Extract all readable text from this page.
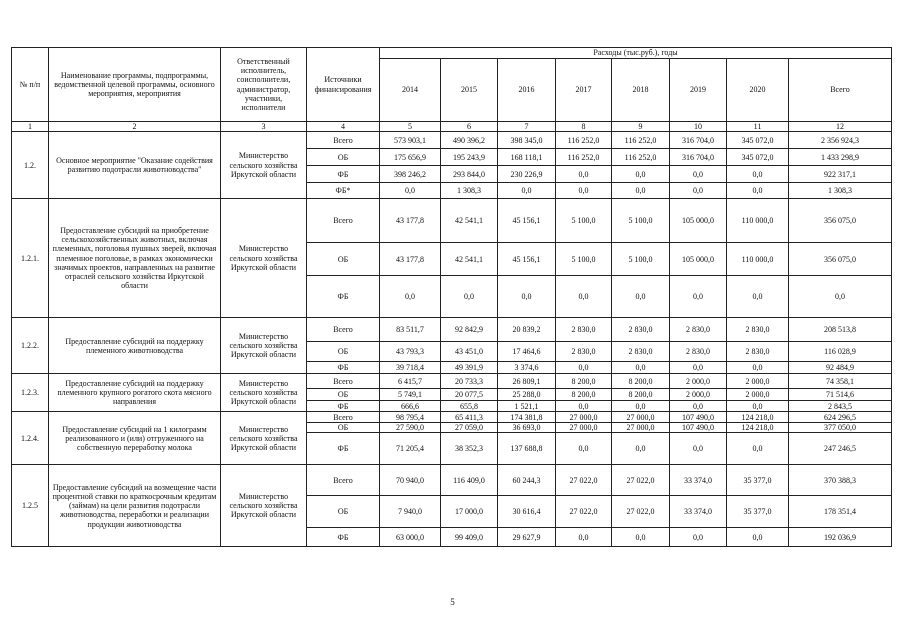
№ п/п	Наименование программы, подпрограммы, ведомственной целевой программы, основного мероприятия, мероприятия	Ответственный исполнитель, соисполнители, администратор, участники, исполнители	Источники финансирования	Расходы (тыс.руб.), годы							
				2014	2015	2016	2017	2018	2019	2020	Всего
1	2	3	4	5	6	7	8	9	10	11	12
1.2.	Основное мероприятие "Оказание содействия развитию подотрасли животноводства"	Министерство сельского хозяйства Иркутской области	Всего	573 903,1	490 396,2	398 345,0	116 252,0	116 252,0	316 704,0	345 072,0	2 356 924,3
			ОБ	175 656,9	195 243,9	168 118,1	116 252,0	116 252,0	316 704,0	345 072,0	1 433 298,9
			ФБ	398 246,2	293 844,0	230 226,9	0,0	0,0	0,0	0,0	922 317,1
			ФБ*	0,0	1 308,3	0,0	0,0	0,0	0,0	0,0	1 308,3
1.2.1.	Предоставление субсидий на приобретение сельскохозяйственных животных, включая племенных, поголовья пушных зверей, включая племенное поголовье, в рамках экономически значимых проектов, направленных на развитие отраслей сельского хозяйства Иркутской области	Министерство сельского хозяйства Иркутской области	Всего	43 177,8	42 541,1	45 156,1	5 100,0	5 100,0	105 000,0	110 000,0	356 075,0
			ОБ	43 177,8	42 541,1	45 156,1	5 100,0	5 100,0	105 000,0	110 000,0	356 075,0
			ФБ	0,0	0,0	0,0	0,0	0,0	0,0	0,0	0,0
1.2.2.	Предоставление субсидий на поддержку племенного животноводства	Министерство сельского хозяйства Иркутской области	Всего	83 511,7	92 842,9	20 839,2	2 830,0	2 830,0	2 830,0	2 830,0	208 513,8
			ОБ	43 793,3	43 451,0	17 464,6	2 830,0	2 830,0	2 830,0	2 830,0	116 028,9
			ФБ	39 718,4	49 391,9	3 374,6	0,0	0,0	0,0	0,0	92 484,9
1.2.3.	Предоставление субсидий на поддержку племенного крупного рогатого скота мясного направления	Министерство сельского хозяйства Иркутской области	Всего	6 415,7	20 733,3	26 809,1	8 200,0	8 200,0	2 000,0	2 000,0	74 358,1
			ОБ	5 749,1	20 077,5	25 288,0	8 200,0	8 200,0	2 000,0	2 000,0	71 514,6
			ФБ	666,6	655,8	1 521,1	0,0	0,0	0,0	0,0	2 843,5
1.2.4.	Предоставление субсидий на 1 килограмм реализованного и (или) отгруженного на собственную переработку молока	Министерство сельского хозяйства Иркутской области	Всего	98 795,4	65 411,3	174 381,8	27 000,0	27 000,0	107 490,0	124 218,0	624 296,5
			ОБ	27 590,0	27 059,0	36 693,0	27 000,0	27 000,0	107 490,0	124 218,0	377 050,0
			ФБ	71 205,4	38 352,3	137 688,8	0,0	0,0	0,0	0,0	247 246,5
1.2.5	Предоставление субсидий на возмещение части процентной ставки по краткосрочным кредитам (займам) на цели развития подотрасли животноводства, переработки и реализации продукции животноводства	Министерство сельского хозяйства Иркутской области	Всего	70 940,0	116 409,0	60 244,3	27 022,0	27 022,0	33 374,0	35 377,0	370 388,3
			ОБ	7 940,0	17 000,0	30 616,4	27 022,0	27 022,0	33 374,0	35 377,0	178 351,4
			ФБ	63 000,0	99 409,0	29 627,9	0,0	0,0	0,0	0,0	192 036,9
5
